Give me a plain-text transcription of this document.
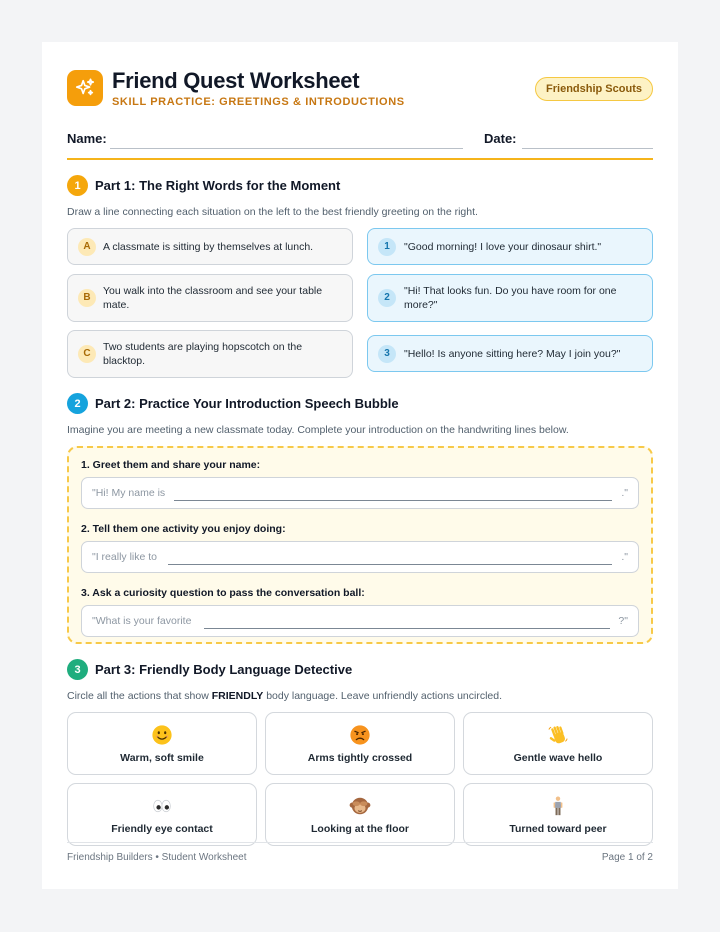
Friend Quest Worksheet
SKILL PRACTICE: GREETINGS & INTRODUCTIONS
Friendship Scouts
Name:	Date:
1	Part 1: The Right Words for the Moment
Draw a line connecting each situation on the left to the best friendly greeting on the right.
A	A classmate is sitting by themselves at lunch.
B
You walk into the classroom and see your table mate.
C
Two students are playing hopscotch on the blacktop.
1	"Good morning! I love your dinosaur shirt."
2
"Hi! That looks fun. Do you have room for one more?"
3	"Hello! Is anyone sitting here? May I join you?"
2	Part 2: Practice Your Introduction Speech Bubble
Imagine you are meeting a new classmate today. Complete your introduction on the handwriting lines below.
1. Greet them and share your name:
"Hi! My name is	."
2. Tell them one activity you enjoy doing:
"I really like to	."
3. Ask a curiosity question to pass the conversation ball:
"What is your favorite	?"
3	Part 3: Friendly Body Language Detective
Circle all the actions that show FRIENDLY body language. Leave unfriendly actions uncircled.
Warm, soft smile	Arms tightly crossed	Gentle wave hello
Friendly eye contact	Looking at the floor	Turned toward peer
Friendship Builders • Student Worksheet	Page 1 of 2
